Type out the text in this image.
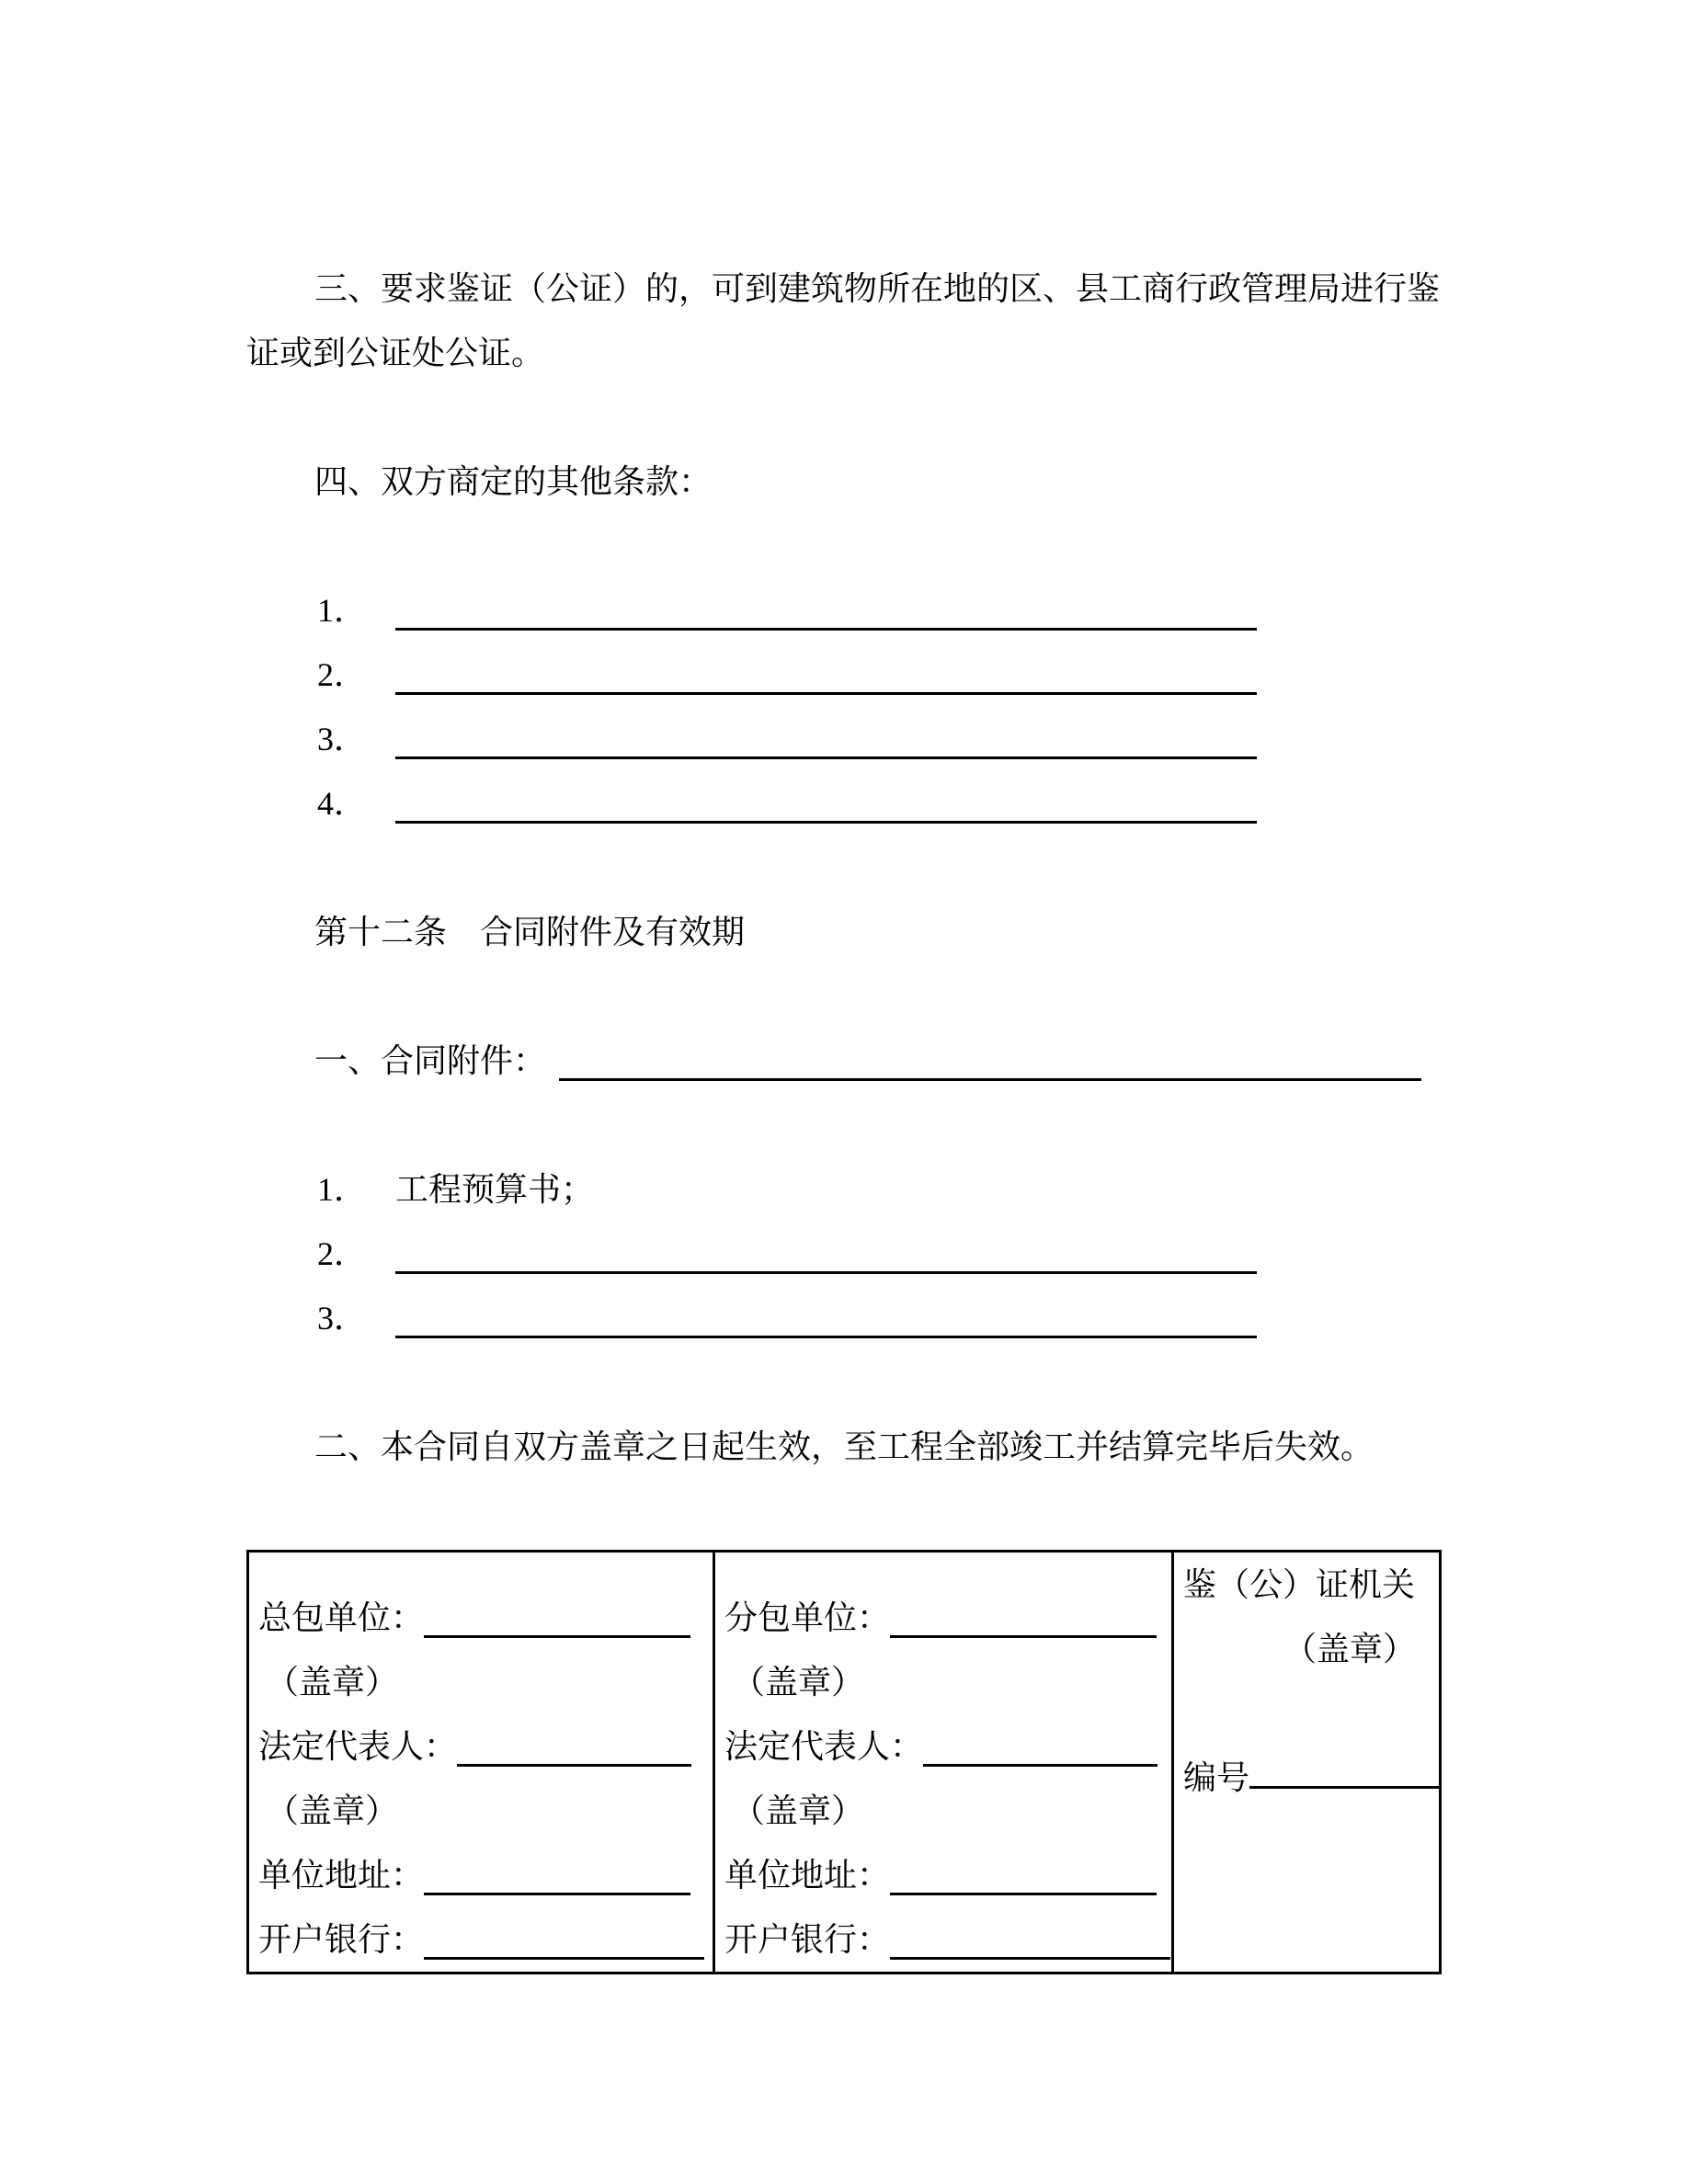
三、要求鉴证（公证）的，可到建筑物所在地的区、县工商行政管理局进行鉴
证或到公证处公证。
四、双方商定的其他条款：
1．
2．
3．
4．
第十二条　合同附件及有效期
一、合同附件：
1． 工程预算书；
2．
3．
二、本合同自双方盖章之日起生效，至工程全部竣工并结算完毕后失效。
总包单位：
（盖章）
法定代表人：
（盖章）
单位地址：
开户银行：
分包单位：
（盖章）
法定代表人：
（盖章）
单位地址：
开户银行：
鉴（公）证机关
（盖章）
编号
